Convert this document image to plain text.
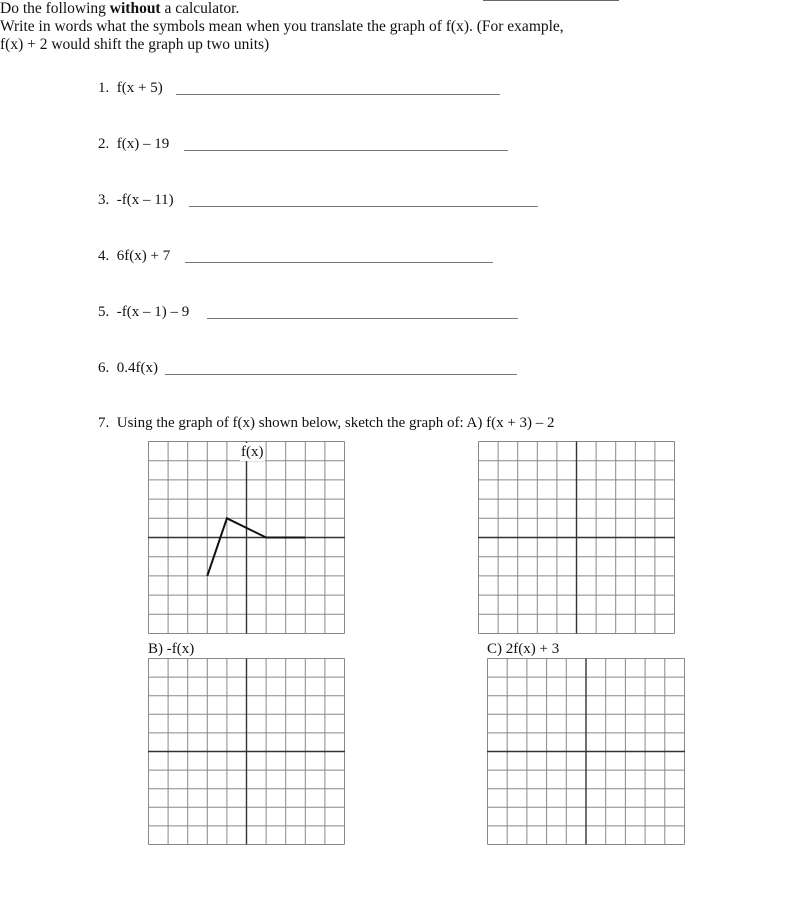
Do the following without a calculator.
Write in words what the symbols mean when you translate the graph of f(x). (For example,
f(x) + 2 would shift the graph up two units)
1. f(x + 5)
2. f(x) – 19
3. -f(x – 11)
4. 6f(x) + 7
5. -f(x – 1) – 9
6. 0.4f(x)
7. Using the graph of f(x) shown below, sketch the graph of: A) f(x + 3) – 2
f(x)
B) -f(x)	C) 2f(x) + 3
